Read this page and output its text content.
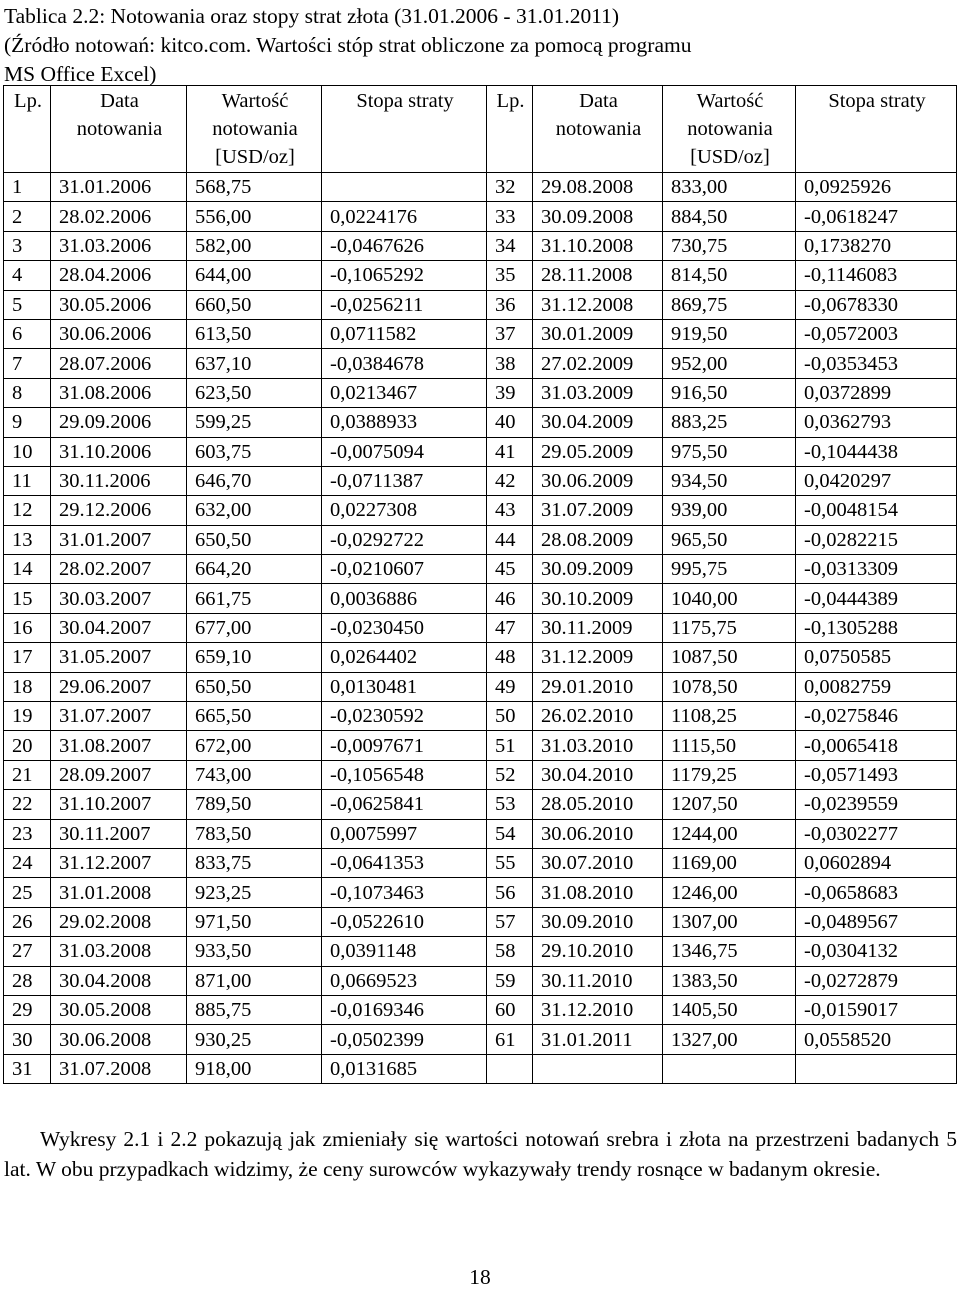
Tablica 2.2: Notowania oraz stopy strat złota (31.01.2006 - 31.01.2011)
(Źródło notowań: kitco.com. Wartości stóp strat obliczone za pomocą programu
MS Office Excel)
Lp.	Data notowania	Wartość notowania [USD/oz]	Stopa straty	Lp.	Data notowania	Wartość notowania [USD/oz]	Stopa straty
1	31.01.2006	568,75		32	29.08.2008	833,00	0,0925926
2	28.02.2006	556,00	0,0224176	33	30.09.2008	884,50	-0,0618247
3	31.03.2006	582,00	-0,0467626	34	31.10.2008	730,75	0,1738270
4	28.04.2006	644,00	-0,1065292	35	28.11.2008	814,50	-0,1146083
5	30.05.2006	660,50	-0,0256211	36	31.12.2008	869,75	-0,0678330
6	30.06.2006	613,50	0,0711582	37	30.01.2009	919,50	-0,0572003
7	28.07.2006	637,10	-0,0384678	38	27.02.2009	952,00	-0,0353453
8	31.08.2006	623,50	0,0213467	39	31.03.2009	916,50	0,0372899
9	29.09.2006	599,25	0,0388933	40	30.04.2009	883,25	0,0362793
10	31.10.2006	603,75	-0,0075094	41	29.05.2009	975,50	-0,1044438
11	30.11.2006	646,70	-0,0711387	42	30.06.2009	934,50	0,0420297
12	29.12.2006	632,00	0,0227308	43	31.07.2009	939,00	-0,0048154
13	31.01.2007	650,50	-0,0292722	44	28.08.2009	965,50	-0,0282215
14	28.02.2007	664,20	-0,0210607	45	30.09.2009	995,75	-0,0313309
15	30.03.2007	661,75	0,0036886	46	30.10.2009	1040,00	-0,0444389
16	30.04.2007	677,00	-0,0230450	47	30.11.2009	1175,75	-0,1305288
17	31.05.2007	659,10	0,0264402	48	31.12.2009	1087,50	0,0750585
18	29.06.2007	650,50	0,0130481	49	29.01.2010	1078,50	0,0082759
19	31.07.2007	665,50	-0,0230592	50	26.02.2010	1108,25	-0,0275846
20	31.08.2007	672,00	-0,0097671	51	31.03.2010	1115,50	-0,0065418
21	28.09.2007	743,00	-0,1056548	52	30.04.2010	1179,25	-0,0571493
22	31.10.2007	789,50	-0,0625841	53	28.05.2010	1207,50	-0,0239559
23	30.11.2007	783,50	0,0075997	54	30.06.2010	1244,00	-0,0302277
24	31.12.2007	833,75	-0,0641353	55	30.07.2010	1169,00	0,0602894
25	31.01.2008	923,25	-0,1073463	56	31.08.2010	1246,00	-0,0658683
26	29.02.2008	971,50	-0,0522610	57	30.09.2010	1307,00	-0,0489567
27	31.03.2008	933,50	0,0391148	58	29.10.2010	1346,75	-0,0304132
28	30.04.2008	871,00	0,0669523	59	30.11.2010	1383,50	-0,0272879
29	30.05.2008	885,75	-0,0169346	60	31.12.2010	1405,50	-0,0159017
30	30.06.2008	930,25	-0,0502399	61	31.01.2011	1327,00	0,0558520
31	31.07.2008	918,00	0,0131685				
Wykresy 2.1 i 2.2 pokazują jak zmieniały się wartości notowań srebra i złota na przestrzeni badanych 5 lat. W obu przypadkach widzimy, że ceny surowców wykazywały trendy rosnące w badanym okresie.
18
